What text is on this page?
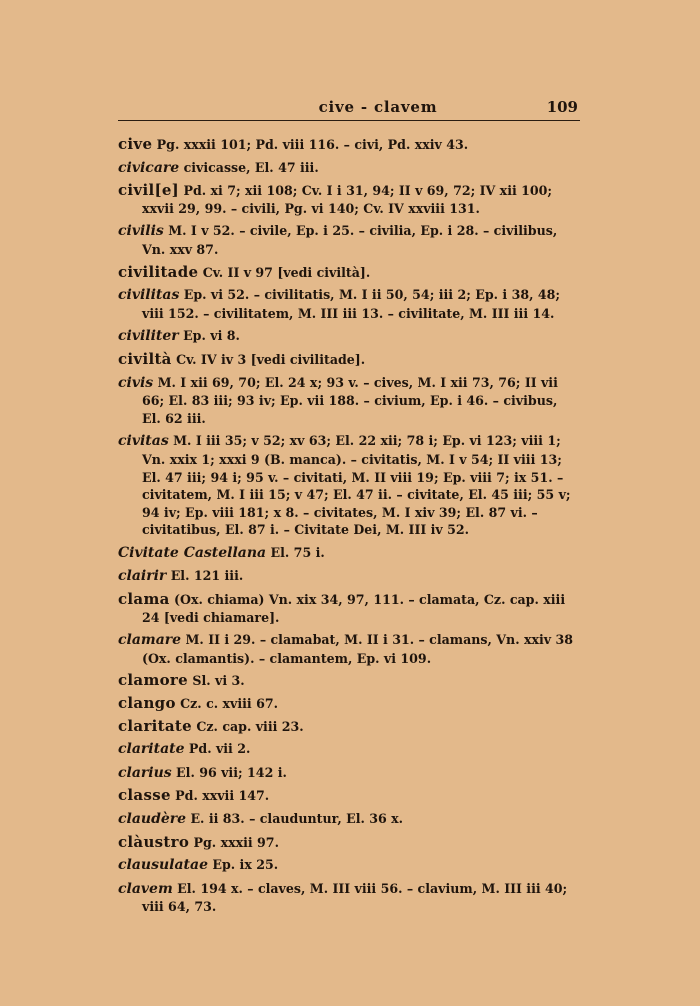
cive - clavem	109

cive Pg. xxxii 101; Pd. viii 116. – civi, Pd. xxiv 43.

civicare civicasse, El. 47 iii.

civil[e] Pd. xi 7; xii 108; Cv. I i 31, 94; II v 69, 72; IV xii 100; xxvii 29, 99. – civili, Pg. vi 140; Cv. IV xxviii 131.

civilis M. I v 52. – civile, Ep. i 25. – civilia, Ep. i 28. – civilibus, Vn. xxv 87.

civilitade Cv. II v 97 [vedi civiltà].

civilitas Ep. vi 52. – civilitatis, M. I ii 50, 54; iii 2; Ep. i 38, 48; viii 152. – civilitatem, M. III iii 13. – civilitate, M. III iii 14.

civiliter Ep. vi 8.

civiltà Cv. IV iv 3 [vedi civilitade].

civis M. I xii 69, 70; El. 24 x; 93 v. – cives, M. I xii 73, 76; II vii 66; El. 83 iii; 93 iv; Ep. vii 188. – civium, Ep. i 46. – civibus, El. 62 iii.

civitas M. I iii 35; v 52; xv 63; El. 22 xii; 78 i; Ep. vi 123; viii 1; Vn. xxix 1; xxxi 9 (B. manca). – civitatis, M. I v 54; II viii 13; El. 47 iii; 94 i; 95 v. – civitati, M. II viii 19; Ep. viii 7; ix 51. – civitatem, M. I iii 15; v 47; El. 47 ii. – civitate, El. 45 iii; 55 v; 94 iv; Ep. viii 181; x 8. – civitates, M. I xiv 39; El. 87 vi. – civitatibus, El. 87 i. – Civitate Dei, M. III iv 52.

Civitate Castellana El. 75 i.

clairir El. 121 iii.

clama (Ox. chiama) Vn. xix 34, 97, 111. – clamata, Cz. cap. xiii 24 [vedi chiamare].

clamare M. II i 29. – clamabat, M. II i 31. – clamans, Vn. xxiv 38 (Ox. clamantis). – clamantem, Ep. vi 109.

clamore Sl. vi 3.

clango Cz. c. xviii 67.

claritate Cz. cap. viii 23.

claritate Pd. vii 2.

clarius El. 96 vii; 142 i.

classe Pd. xxvii 147.

claudère E. ii 83. – clauduntur, El. 36 x.

clàustro Pg. xxxii 97.

clausulatae Ep. ix 25.

clavem El. 194 x. – claves, M. III viii 56. – clavium, M. III iii 40; viii 64, 73.
